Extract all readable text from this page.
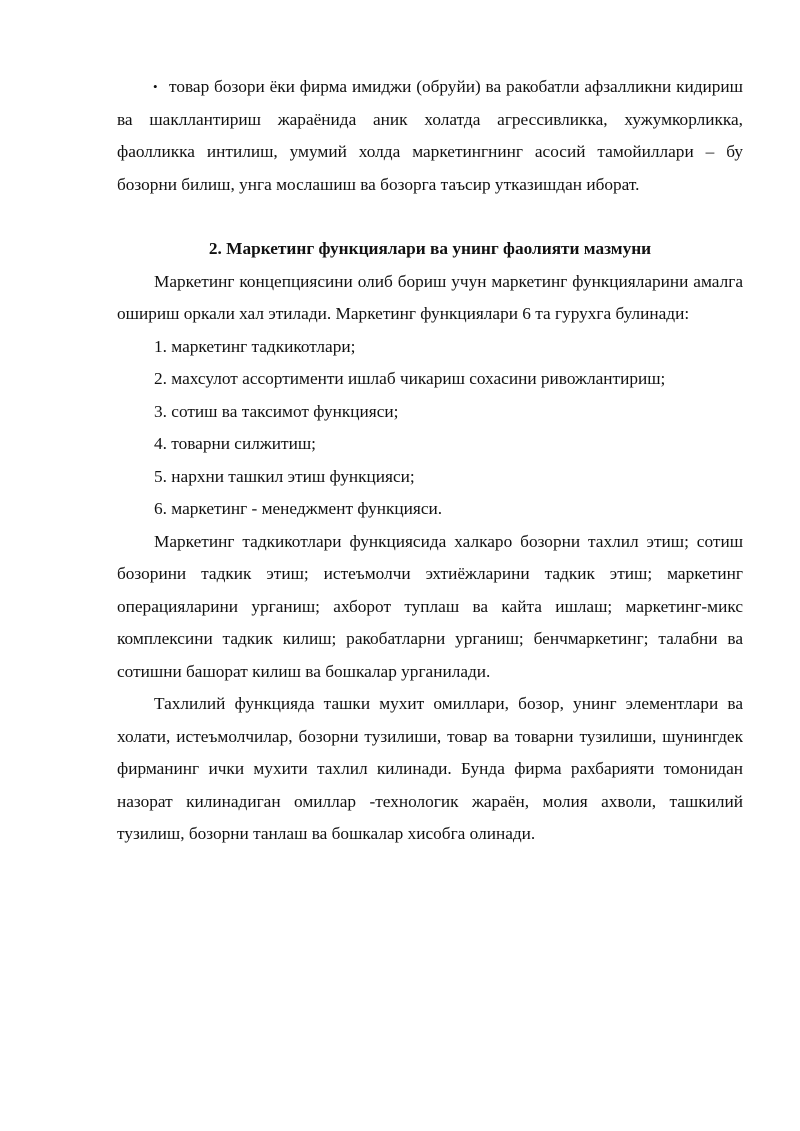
• товар бозори ёки фирма имиджи (обруйи) ва ракобатли афзалликни кидириш ва шакллантириш жараёнида аник холатда агрессивликка, хужумкорликка, фаолликка интилиш, умумий холда маркетингнинг асосий тамойиллари – бу бозорни билиш, унга мослашиш ва бозорга таъсир утказишдан иборат.

2. Маркетинг функциялари ва унинг фаолияти мазмуни

Маркетинг концепциясини олиб бориш учун маркетинг функцияларини амалга ошириш оркали хал этилади. Маркетинг функциялари 6 та гурухга булинади:

1. маркетинг тадкикотлари;

2. махсулот ассортименти ишлаб чикариш сохасини ривожлантириш;

3. сотиш ва таксимот функцияси;

4. товарни силжитиш;

5. нархни ташкил этиш функцияси;

6. маркетинг - менеджмент функцияси.

Маркетинг тадкикотлари функциясида халкаро бозорни тахлил этиш; сотиш бозорини тадкик этиш; истеъмолчи эхтиёжларини тадкик этиш; маркетинг операцияларини урганиш; ахборот туплаш ва кайта ишлаш; маркетинг-микс комплексини тадкик килиш; ракобатларни урганиш; бенчмаркетинг; талабни ва сотишни башорат килиш ва бошкалар урганилади.

Тахлилий функцияда ташки мухит омиллари, бозор, унинг элементлари ва холати, истеъмолчилар, бозорни тузилиши, товар ва товарни тузилиши, шунингдек фирманинг ички мухити тахлил килинади. Бунда фирма рахбарияти томонидан назорат килинадиган омиллар -технологик жараён, молия ахволи, ташкилий тузилиш, бозорни танлаш ва бошкалар хисобга олинади.
